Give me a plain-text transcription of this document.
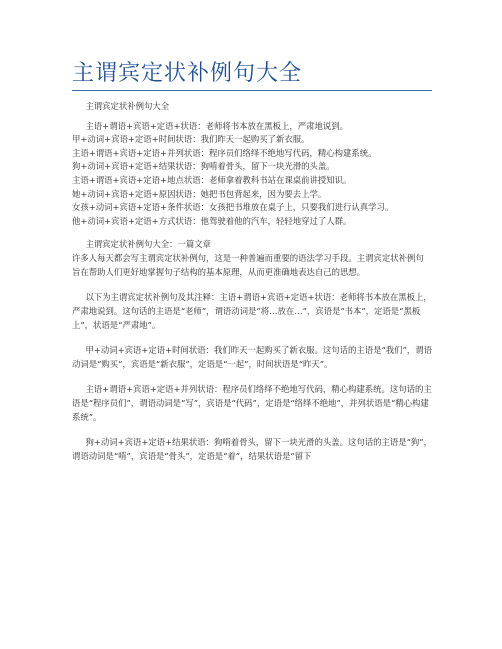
主谓宾定状补例句大全

主谓宾定状补例句大全

主语+谓语+宾语+定语+状语：老师将书本放在黑板上，严肃地说到。

甲+动词+宾语+定语+时间状语：我们昨天一起购买了新衣服。

主语+谓语+宾语+定语+并列状语：程序员们络绎不绝地写代码，精心构建系统。

狗+动词+宾语+定语+结果状语：狗啃着骨头，留下一块光滑的头盖。

主语+谓语+宾语+定语+地点状语：老师拿着教科书站在课桌前讲授知识。

她+动词+宾语+定语+原因状语：她把书包背起来，因为要去上学。

女孩+动词+宾语+定语+条件状语：女孩把书堆放在桌子上，只要我们进行认真学习。

他+动词+宾语+定语+方式状语：他驾驶着他的汽车，轻轻地穿过了人群。

主谓宾定状补例句大全：一篇文章

许多人每天都会写主谓宾定状补例句，这是一种普遍而重要的语法学习手段。主谓宾定状补例句旨在帮助人们更好地掌握句子结构的基本原理，从而更准确地表达自己的思想。

以下为主谓宾定状补例句及其注释：主语+谓语+宾语+定语+状语：老师将书本放在黑板上，严肃地说到。这句话的主语是“老师”，谓语动词是“将…放在…”，宾语是“书本”，定语是“黑板上”，状语是“严肃地”。

甲+动词+宾语+定语+时间状语：我们昨天一起购买了新衣服。这句话的主语是“我们”，谓语动词是“购买”，宾语是“新衣服”，定语是“一起”，时间状语是“昨天”。

主语+谓语+宾语+定语+并列状语：程序员们络绎不绝地写代码，精心构建系统。这句话的主语是“程序员们”，谓语动词是“写”，宾语是“代码”，定语是“络绎不绝地”，并列状语是“精心构建系统”。

狗+动词+宾语+定语+结果状语：狗啃着骨头，留下一块光滑的头盖。这句话的主语是“狗”，谓语动词是“啃”，宾语是“骨头”，定语是“着”，结果状语是“留下
